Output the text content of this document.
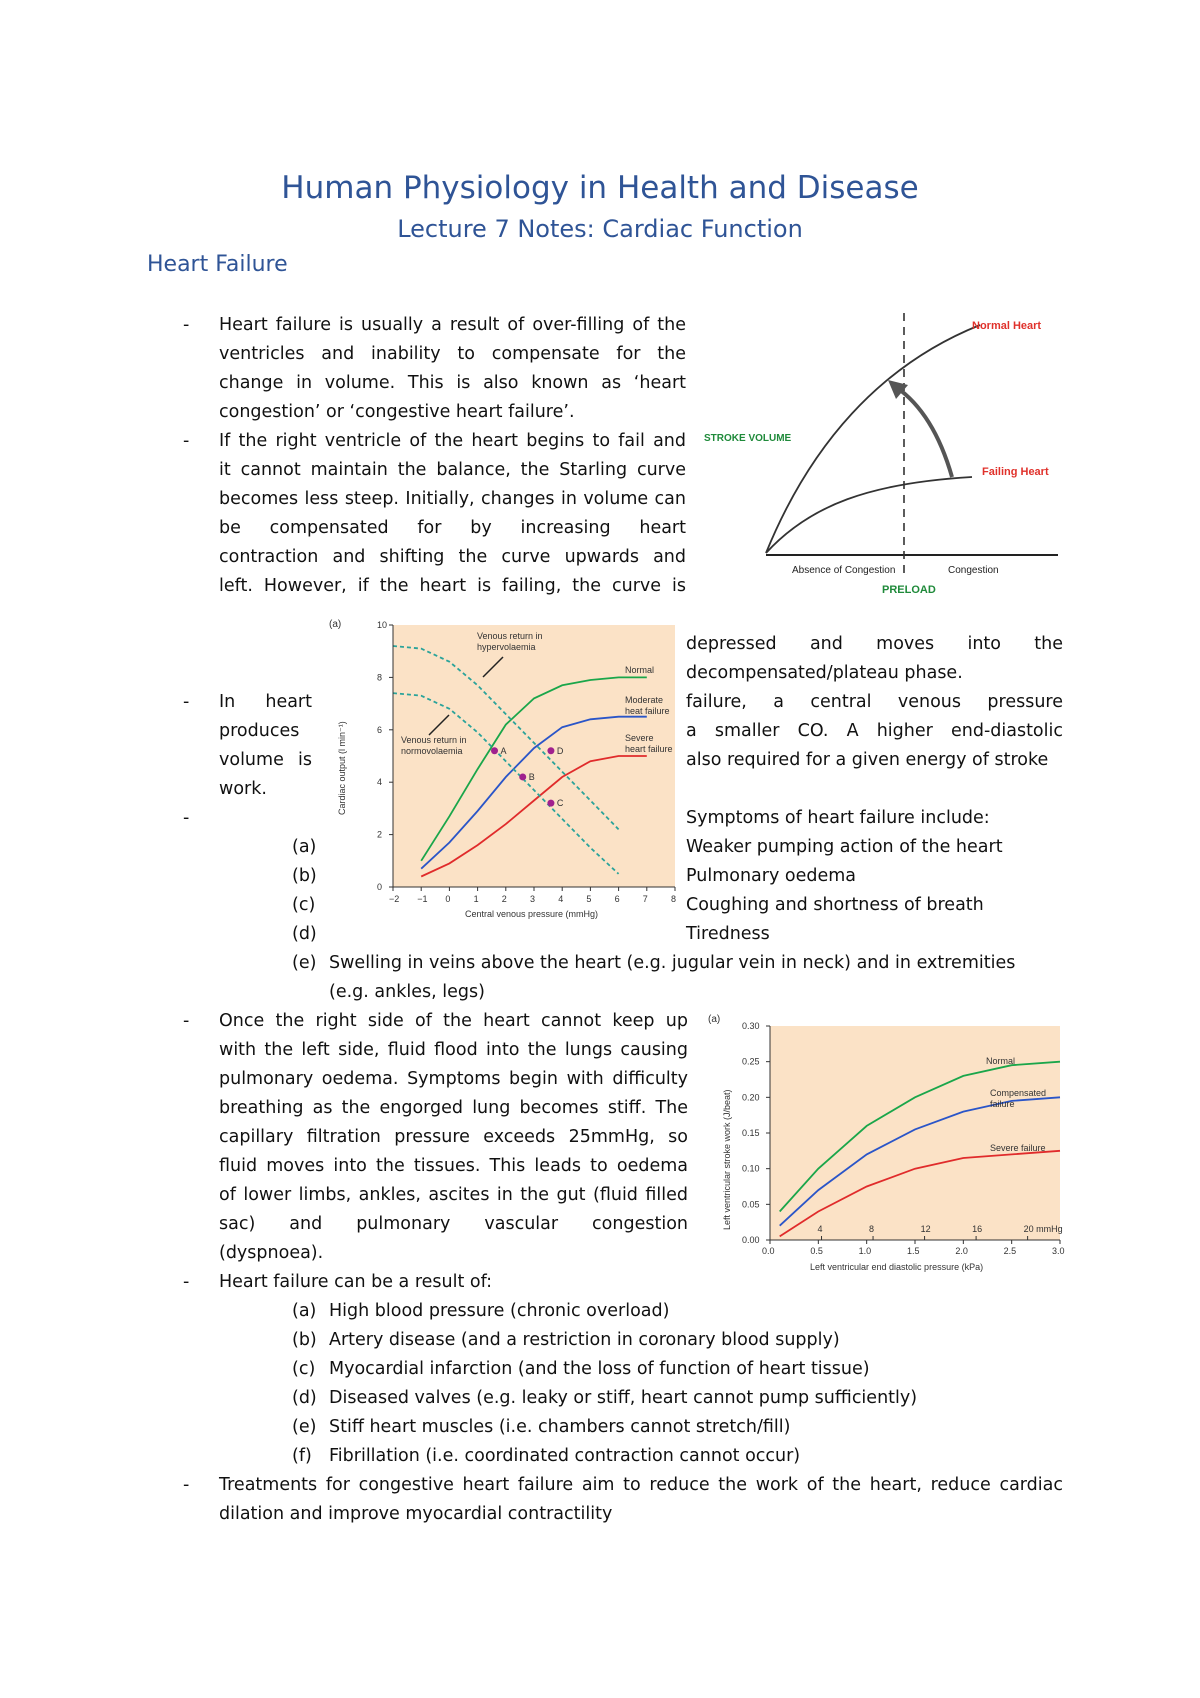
Human Physiology in Health and Disease
Lecture 7 Notes: Cardiac Function
Heart Failure
- Heart failure is usually a result of over-filling of the
ventricles and inability to compensate for the
change in volume. This is also known as ‘heart
congestion’ or ‘congestive heart failure’.
- If the right ventricle of the heart begins to fail and
it cannot maintain the balance, the Starling curve
becomes less steep. Initially, changes in volume can
be compensated for by increasing heart
contraction and shifting the curve upwards and
left. However, if the heart is failing, the curve is
depressed and moves into the
decompensated/plateau phase.
- In heart
produces
volume is
work.
failure, a central venous pressure
a smaller CO. A higher end-diastolic
also required for a given energy of stroke
-	Symptoms of heart failure include:
(a)	Weaker pumping action of the heart
(b)	Pulmonary oedema
(c)	Coughing and shortness of breath
(d)	Tiredness
(e) Swelling in veins above the heart (e.g. jugular vein in neck) and in extremities
(e.g. ankles, legs)
- Once the right side of the heart cannot keep up
with the left side, fluid flood into the lungs causing
pulmonary oedema. Symptoms begin with difficulty
breathing as the engorged lung becomes stiff. The
capillary filtration pressure exceeds 25mmHg, so
fluid moves into the tissues. This leads to oedema
of lower limbs, ankles, ascites in the gut (fluid filled
sac) and pulmonary vascular congestion
(dyspnoea).
- Heart failure can be a result of:
(a) High blood pressure (chronic overload)
(b) Artery disease (and a restriction in coronary blood supply)
(c) Myocardial infarction (and the loss of function of heart tissue)
(d) Diseased valves (e.g. leaky or stiff, heart cannot pump sufficiently)
(e) Stiff heart muscles (i.e. chambers cannot stretch/fill)
(f) Fibrillation (i.e. coordinated contraction cannot occur)
- Treatments for congestive heart failure aim to reduce the work of the heart, reduce cardiac
dilation and improve myocardial contractility
Normal Heart
Failing Heart
STROKE VOLUME
PRELOAD
Absence of Congestion	Congestion
(a)
−2 −1 0	1	2	3	4	5	6	7	8
0
2
4
6
8
10
A
B
C
D
Normal
Moderate
heat failure
Severe
heart failure
Venous return in
hypervolaemia
Venous return in
normovolaemia
Central venous pressure (mmHg)
Cardiac output (l min⁻¹)
(a)
0.0	0.5	1.0	1.5	2.0	2.5	3.0
0.00
0.05
0.10
0.15
0.20
0.25
0.30
4	8	12	16	20 mmHg
Normal
Compensated
failure
Severe failure
Left ventricular end diastolic pressure (kPa)
Left ventricular stroke work (J/beat)
